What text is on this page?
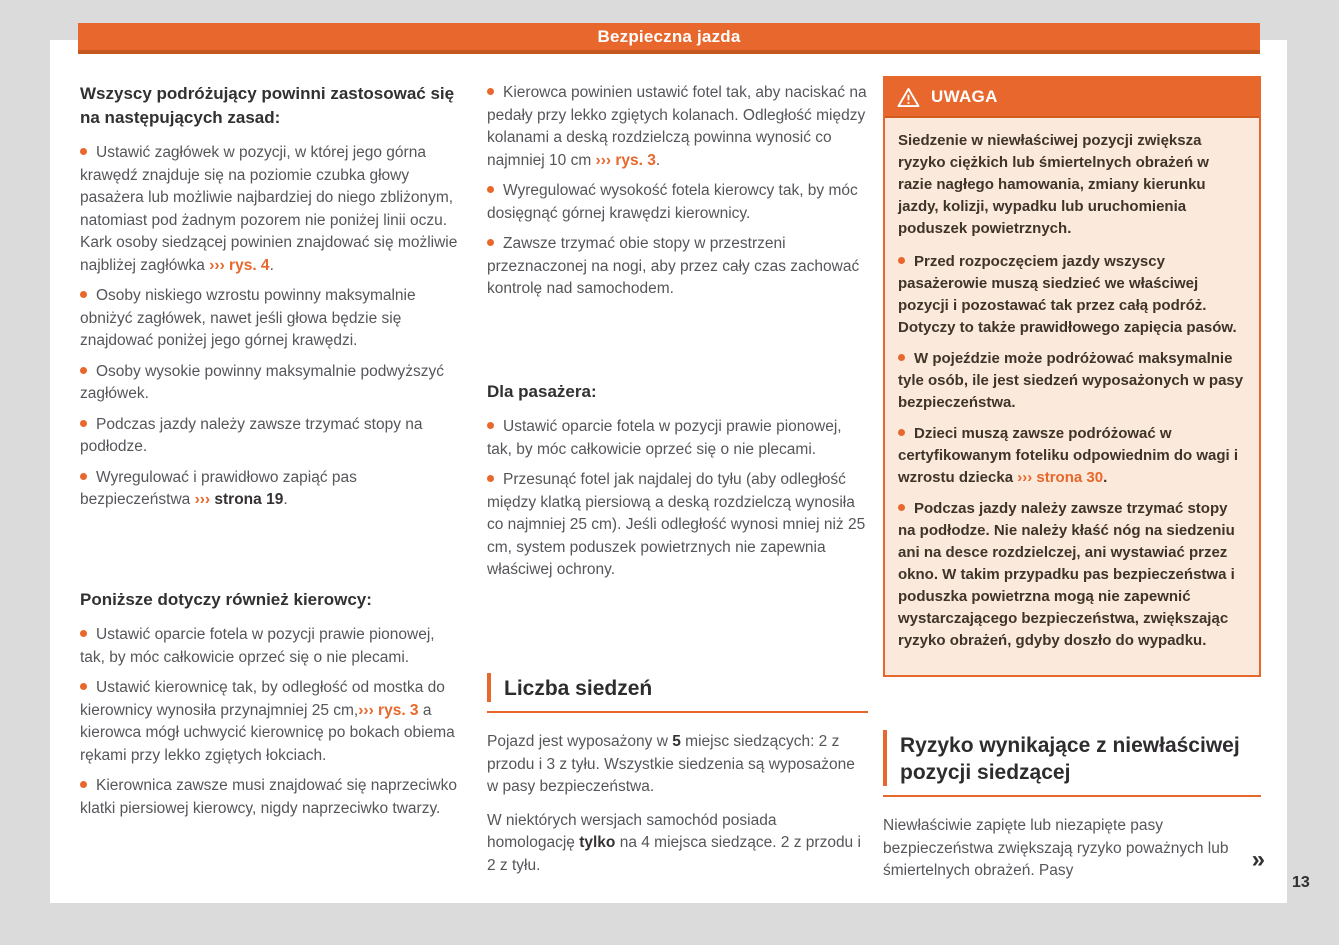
Bezpieczna jazda
Wszyscy podróżujący powinni zastosować się na następujących zasad:
Ustawić zagłówek w pozycji, w której jego górna krawędź znajduje się na poziomie czubka głowy pasażera lub możliwie najbardziej do niego zbliżonym, natomiast pod żadnym pozorem nie poniżej linii oczu. Kark osoby siedzącej powinien znajdować się możliwie najbliżej zagłówka ››› rys. 4.
Osoby niskiego wzrostu powinny maksymalnie obniżyć zagłówek, nawet jeśli głowa będzie się znajdować poniżej jego górnej krawędzi.
Osoby wysokie powinny maksymalnie podwyższyć zagłówek.
Podczas jazdy należy zawsze trzymać stopy na podłodze.
Wyregulować i prawidłowo zapiąć pas bezpieczeństwa ››› strona 19.
Poniższe dotyczy również kierowcy:
Ustawić oparcie fotela w pozycji prawie pionowej, tak, by móc całkowicie oprzeć się o nie plecami.
Ustawić kierownicę tak, by odległość od mostka do kierownicy wynosiła przynajmniej 25 cm,››› rys. 3 a kierowca mógł uchwycić kierownicę po bokach obiema rękami przy lekko zgiętych łokciach.
Kierownica zawsze musi znajdować się naprzeciwko klatki piersiowej kierowcy, nigdy naprzeciwko twarzy.
Kierowca powinien ustawić fotel tak, aby naciskać na pedały przy lekko zgiętych kolanach. Odległość między kolanami a deską rozdzielczą powinna wynosić co najmniej 10 cm ››› rys. 3.
Wyregulować wysokość fotela kierowcy tak, by móc dosięgnąć górnej krawędzi kierownicy.
Zawsze trzymać obie stopy w przestrzeni przeznaczonej na nogi, aby przez cały czas zachować kontrolę nad samochodem.
Dla pasażera:
Ustawić oparcie fotela w pozycji prawie pionowej, tak, by móc całkowicie oprzeć się o nie plecami.
Przesunąć fotel jak najdalej do tyłu (aby odległość między klatką piersiową a deską rozdzielczą wynosiła co najmniej 25 cm). Jeśli odległość wynosi mniej niż 25 cm, system poduszek powietrznych nie zapewnia właściwej ochrony.
Liczba siedzeń

Pojazd jest wyposażony w 5 miejsc siedzących: 2 z przodu i 3 z tyłu. Wszystkie siedzenia są wyposażone w pasy bezpieczeństwa.

W niektórych wersjach samochód posiada homologację tylko na 4 miejsca siedzące. 2 z przodu i 2 z tyłu.

UWAGA

Siedzenie w niewłaściwej pozycji zwiększa ryzyko ciężkich lub śmiertelnych obrażeń w razie nagłego hamowania, zmiany kierunku jazdy, kolizji, wypadku lub uruchomienia poduszek powietrznych.

Przed rozpoczęciem jazdy wszyscy pasażerowie muszą siedzieć we właściwej pozycji i pozostawać tak przez całą podróż. Dotyczy to także prawidłowego zapięcia pasów.
W pojeździe może podróżować maksymalnie tyle osób, ile jest siedzeń wyposażonych w pasy bezpieczeństwa.
Dzieci muszą zawsze podróżować w certyfikowanym foteliku odpowiednim do wagi i wzrostu dziecka ››› strona 30.
Podczas jazdy należy zawsze trzymać stopy na podłodze. Nie należy kłaść nóg na siedzeniu ani na desce rozdzielczej, ani wystawiać przez okno. W takim przypadku pas bezpieczeństwa i poduszka powietrzna mogą nie zapewnić wystarczającego bezpieczeństwa, zwiększając ryzyko obrażeń, gdyby doszło do wypadku.
Ryzyko wynikające z niewłaściwej pozycji siedzącej

Niewłaściwie zapięte lub niezapięte pasy bezpieczeństwa zwiększają ryzyko poważnych lub śmiertelnych obrażeń. Pasy	»
13
